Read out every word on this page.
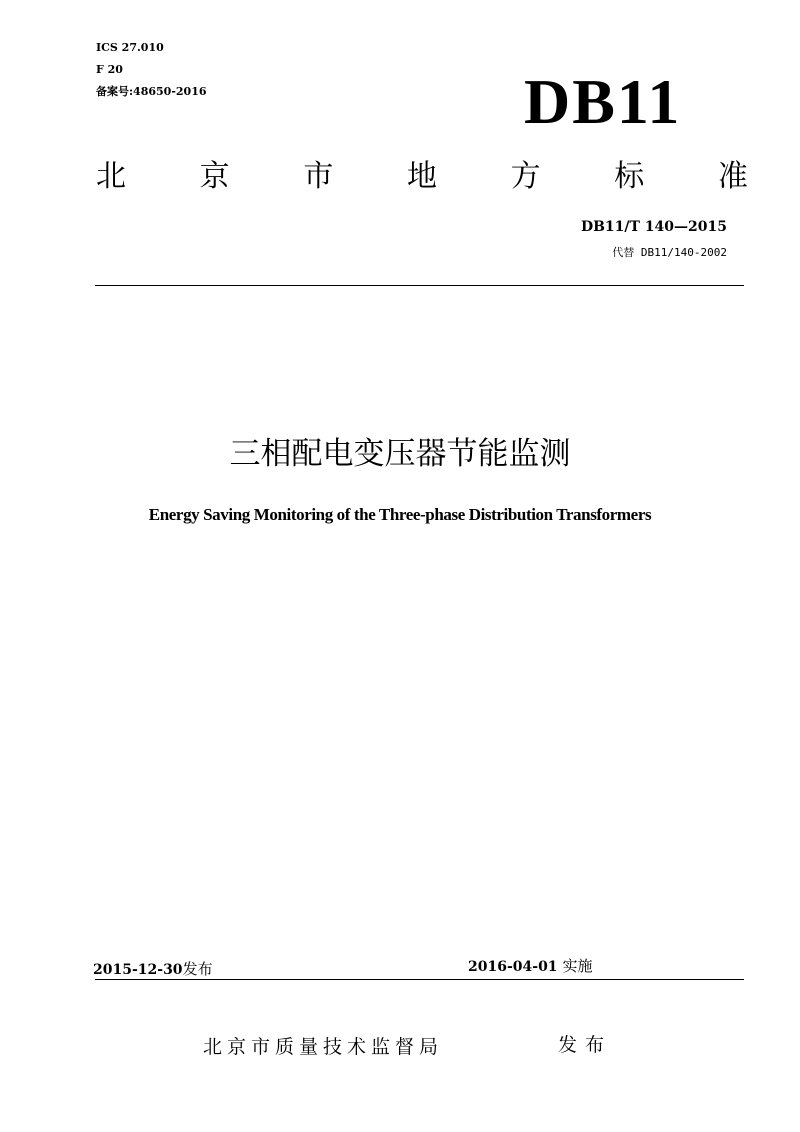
ICS 27.010
F 20
备案号:48650-2016	DB11
北 京 市 地 方 标 准
DB11/T 140—2015
代替 DB11/140-2002
三相配电变压器节能监测
Energy Saving Monitoring of the Three-phase Distribution Transformers
2015-12-30发布	2016-04-01 实施
北京市质量技术监督局	发布
